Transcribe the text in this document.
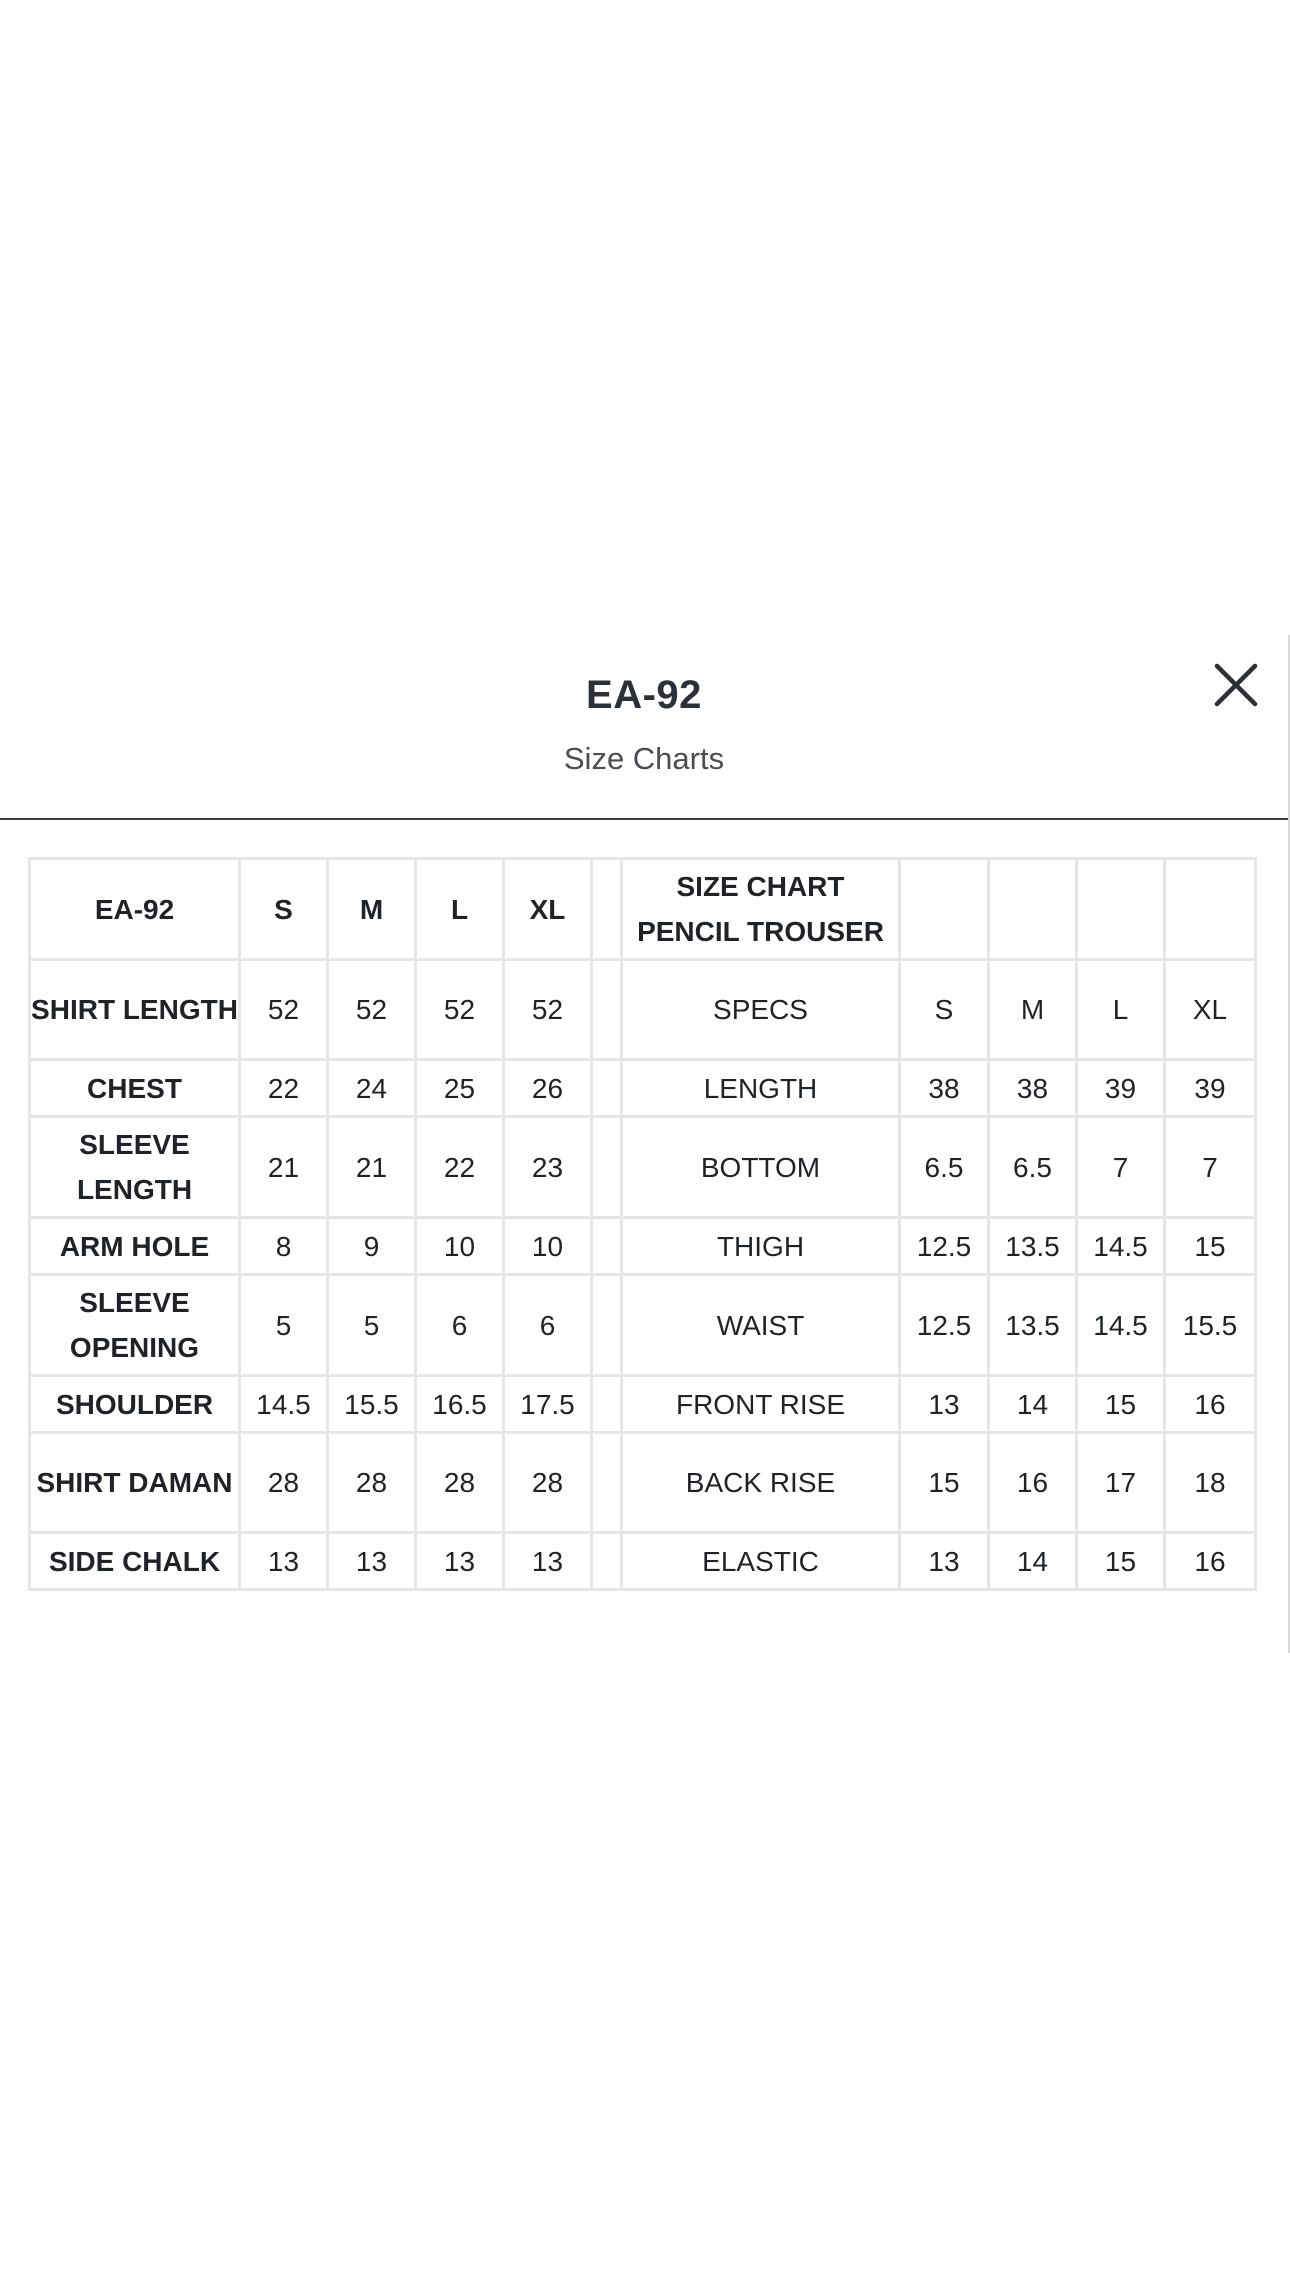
EA-92
Size Charts
EA-92	S	M	L	XL		SIZE CHART PENCIL TROUSER				
SHIRT LENGTH	52	52	52	52		SPECS	S	M	L	XL
CHEST	22	24	25	26		LENGTH	38	38	39	39
SLEEVE LENGTH	21	21	22	23		BOTTOM	6.5	6.5	7	7
ARM HOLE	8	9	10	10		THIGH	12.5	13.5	14.5	15
SLEEVE OPENING	5	5	6	6		WAIST	12.5	13.5	14.5	15.5
SHOULDER	14.5	15.5	16.5	17.5		FRONT RISE	13	14	15	16
SHIRT DAMAN	28	28	28	28		BACK RISE	15	16	17	18
SIDE CHALK	13	13	13	13		ELASTIC	13	14	15	16
